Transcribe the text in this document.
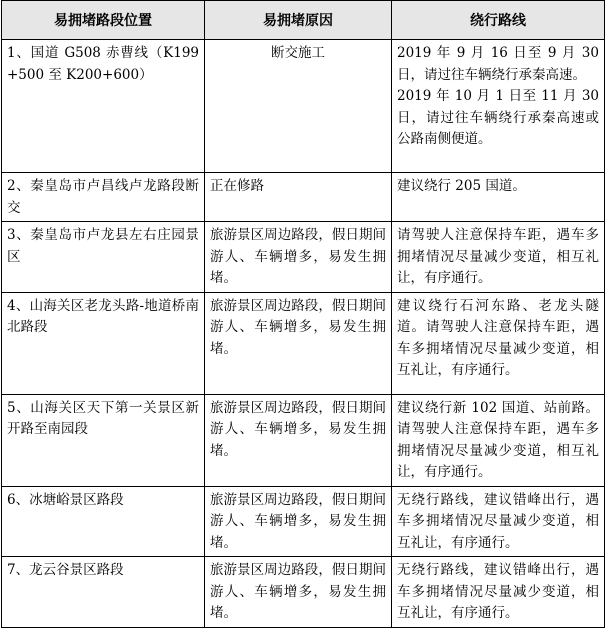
易拥堵路段位置	易拥堵原因	绕行路线
1、国道 G508 赤曹线（K199+500 至 K200+600）	断交施工	2019 年 9 月 16 日至 9 月 30 日，请过往车辆绕行承秦高速。
2019 年 10 月 1 日至 11 月 30 日，请过往车辆绕行承秦高速或公路南侧便道。

2、秦皇岛市卢昌线卢龙路段断交	正在修路	建议绕行 205 国道。

3、秦皇岛市卢龙县左右庄园景区	旅游景区周边路段，假日期间游人、车辆增多，易发生拥堵。	请驾驶人注意保持车距，遇车多拥堵情况尽量减少变道，相互礼让，有序通行。

4、山海关区老龙头路-地道桥南北路段	旅游景区周边路段，假日期间游人、车辆增多，易发生拥堵。	建议绕行石河东路、老龙头隧道。请驾驶人注意保持车距，遇车多拥堵情况尽量减少变道，相互礼让，有序通行。

5、山海关区天下第一关景区新开路至南园段	旅游景区周边路段，假日期间游人、车辆增多，易发生拥堵。	建议绕行新 102 国道、站前路。请驾驶人注意保持车距，遇车多拥堵情况尽量减少变道，相互礼让，有序通行。

6、冰塘峪景区路段	旅游景区周边路段，假日期间游人、车辆增多，易发生拥堵。	无绕行路线，建议错峰出行，遇车多拥堵情况尽量减少变道，相互礼让，有序通行。

7、龙云谷景区路段	旅游景区周边路段，假日期间游人、车辆增多，易发生拥堵。	无绕行路线，建议错峰出行，遇车多拥堵情况尽量减少变道，相互礼让，有序通行。
